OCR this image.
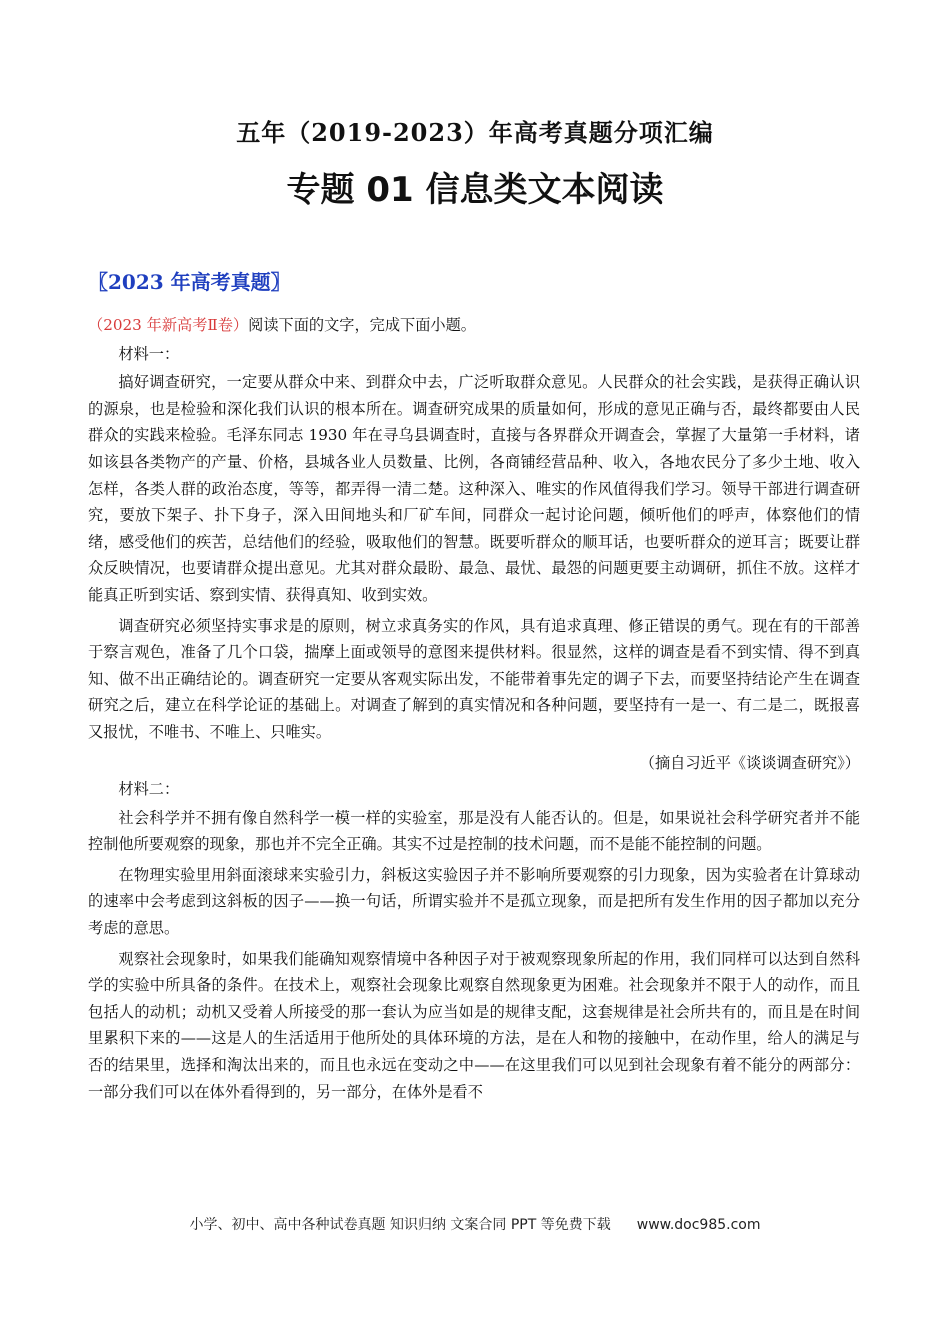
五年（2019-2023）年高考真题分项汇编
专题 01 信息类文本阅读
〖2023 年高考真题〗

（2023 年新高考Ⅱ卷）阅读下面的文字，完成下面小题。

材料一：

搞好调查研究，一定要从群众中来、到群众中去，广泛听取群众意见。人民群众的社会实践，是获得正确认识的源泉，也是检验和深化我们认识的根本所在。调查研究成果的质量如何，形成的意见正确与否，最终都要由人民群众的实践来检验。毛泽东同志 1930 年在寻乌县调查时，直接与各界群众开调查会，掌握了大量第一手材料，诸如该县各类物产的产量、价格，县城各业人员数量、比例，各商铺经营品种、收入，各地农民分了多少土地、收入怎样，各类人群的政治态度，等等，都弄得一清二楚。这种深入、唯实的作风值得我们学习。领导干部进行调查研究，要放下架子、扑下身子，深入田间地头和厂矿车间，同群众一起讨论问题，倾听他们的呼声，体察他们的情绪，感受他们的疾苦，总结他们的经验，吸取他们的智慧。既要听群众的顺耳话，也要听群众的逆耳言；既要让群众反映情况，也要请群众提出意见。尤其对群众最盼、最急、最忧、最怨的问题更要主动调研，抓住不放。这样才能真正听到实话、察到实情、获得真知、收到实效。

调查研究必须坚持实事求是的原则，树立求真务实的作风，具有追求真理、修正错误的勇气。现在有的干部善于察言观色，准备了几个口袋，揣摩上面或领导的意图来提供材料。很显然，这样的调查是看不到实情、得不到真知、做不出正确结论的。调查研究一定要从客观实际出发，不能带着事先定的调子下去，而要坚持结论产生在调查研究之后，建立在科学论证的基础上。对调查了解到的真实情况和各种问题，要坚持有一是一、有二是二，既报喜又报忧，不唯书、不唯上、只唯实。

（摘自习近平《谈谈调查研究》）

材料二：

社会科学并不拥有像自然科学一模一样的实验室，那是没有人能否认的。但是，如果说社会科学研究者并不能控制他所要观察的现象，那也并不完全正确。其实不过是控制的技术问题，而不是能不能控制的问题。

在物理实验里用斜面滚球来实验引力，斜板这实验因子并不影响所要观察的引力现象，因为实验者在计算球动的速率中会考虑到这斜板的因子——换一句话，所谓实验并不是孤立现象，而是把所有发生作用的因子都加以充分考虑的意思。

观察社会现象时，如果我们能确知观察情境中各种因子对于被观察现象所起的作用，我们同样可以达到自然科学的实验中所具备的条件。在技术上，观察社会现象比观察自然现象更为困难。社会现象并不限于人的动作，而且包括人的动机；动机又受着人所接受的那一套认为应当如是的规律支配，这套规律是社会所共有的，而且是在时间里累积下来的——这是人的生活适用于他所处的具体环境的方法，是在人和物的接触中，在动作里，给人的满足与否的结果里，选择和淘汰出来的，而且也永远在变动之中——在这里我们可以见到社会现象有着不能分的两部分：一部分我们可以在体外看得到的，另一部分，在体外是看不

小学、初中、高中各种试卷真题 知识归纳 文案合同 PPT 等免费下载 www.doc985.com
